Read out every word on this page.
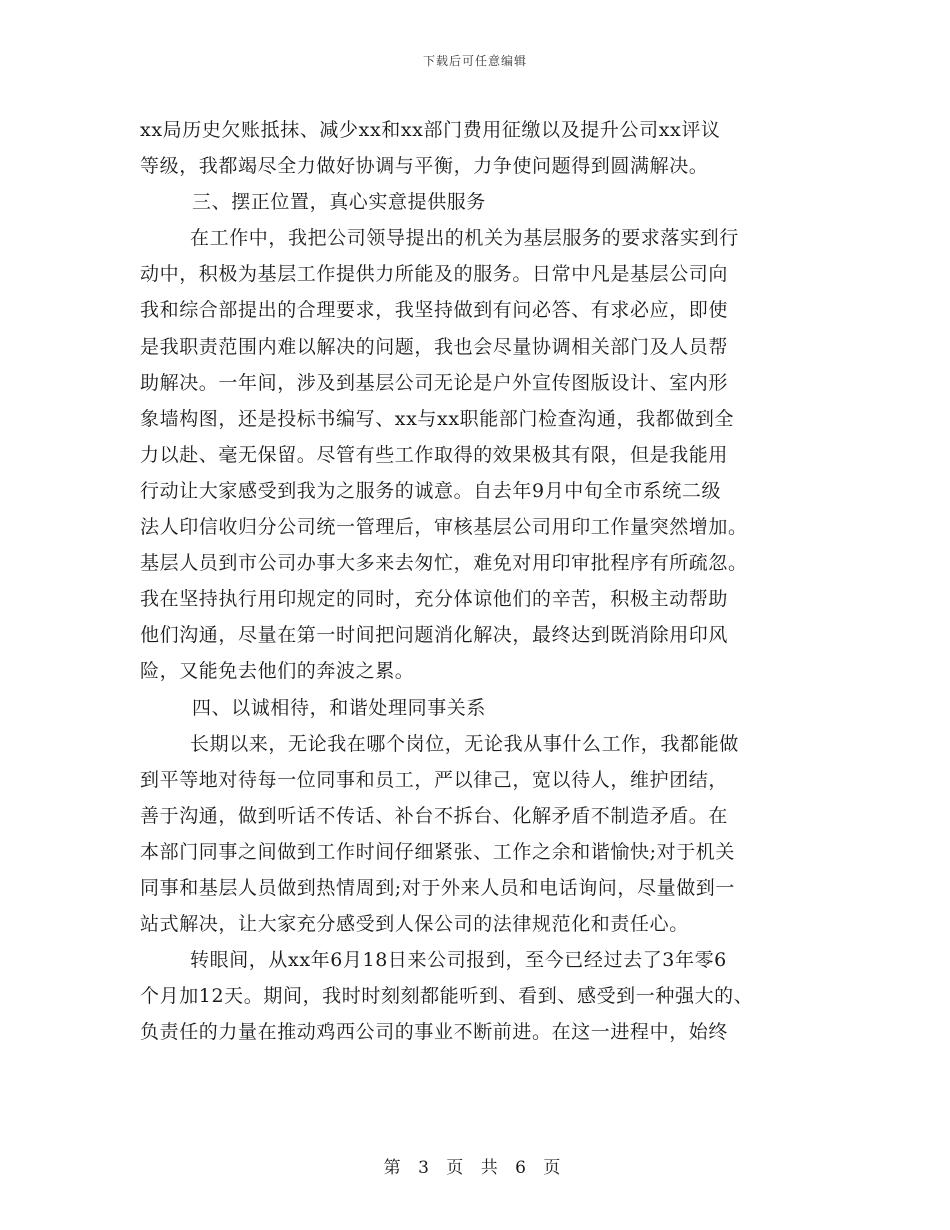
下载后可任意编辑
xx局历史欠账抵抹、减少xx和xx部门费用征缴以及提升公司xx评议
等级，我都竭尽全力做好协调与平衡，力争使问题得到圆满解决。
三、摆正位置，真心实意提供服务
在工作中，我把公司领导提出的机关为基层服务的要求落实到行
动中，积极为基层工作提供力所能及的服务。日常中凡是基层公司向
我和综合部提出的合理要求，我坚持做到有问必答、有求必应，即使
是我职责范围内难以解决的问题，我也会尽量协调相关部门及人员帮
助解决。一年间，涉及到基层公司无论是户外宣传图版设计、室内形
象墙构图，还是投标书编写、xx与xx职能部门检查沟通，我都做到全
力以赴、毫无保留。尽管有些工作取得的效果极其有限，但是我能用
行动让大家感受到我为之服务的诚意。自去年9月中旬全市系统二级
法人印信收归分公司统一管理后，审核基层公司用印工作量突然增加。
基层人员到市公司办事大多来去匆忙，难免对用印审批程序有所疏忽。
我在坚持执行用印规定的同时，充分体谅他们的辛苦，积极主动帮助
他们沟通，尽量在第一时间把问题消化解决，最终达到既消除用印风
险，又能免去他们的奔波之累。
四、以诚相待，和谐处理同事关系
长期以来，无论我在哪个岗位，无论我从事什么工作，我都能做
到平等地对待每一位同事和员工，严以律己，宽以待人，维护团结，
善于沟通，做到听话不传话、补台不拆台、化解矛盾不制造矛盾。在
本部门同事之间做到工作时间仔细紧张、工作之余和谐愉快;对于机关
同事和基层人员做到热情周到;对于外来人员和电话询问，尽量做到一
站式解决，让大家充分感受到人保公司的法律规范化和责任心。
转眼间，从xx年6月18日来公司报到，至今已经过去了3年零6
个月加12天。期间，我时时刻刻都能听到、看到、感受到一种强大的、
负责任的力量在推动鸡西公司的事业不断前进。在这一进程中，始终
第 3 页 共 6 页
